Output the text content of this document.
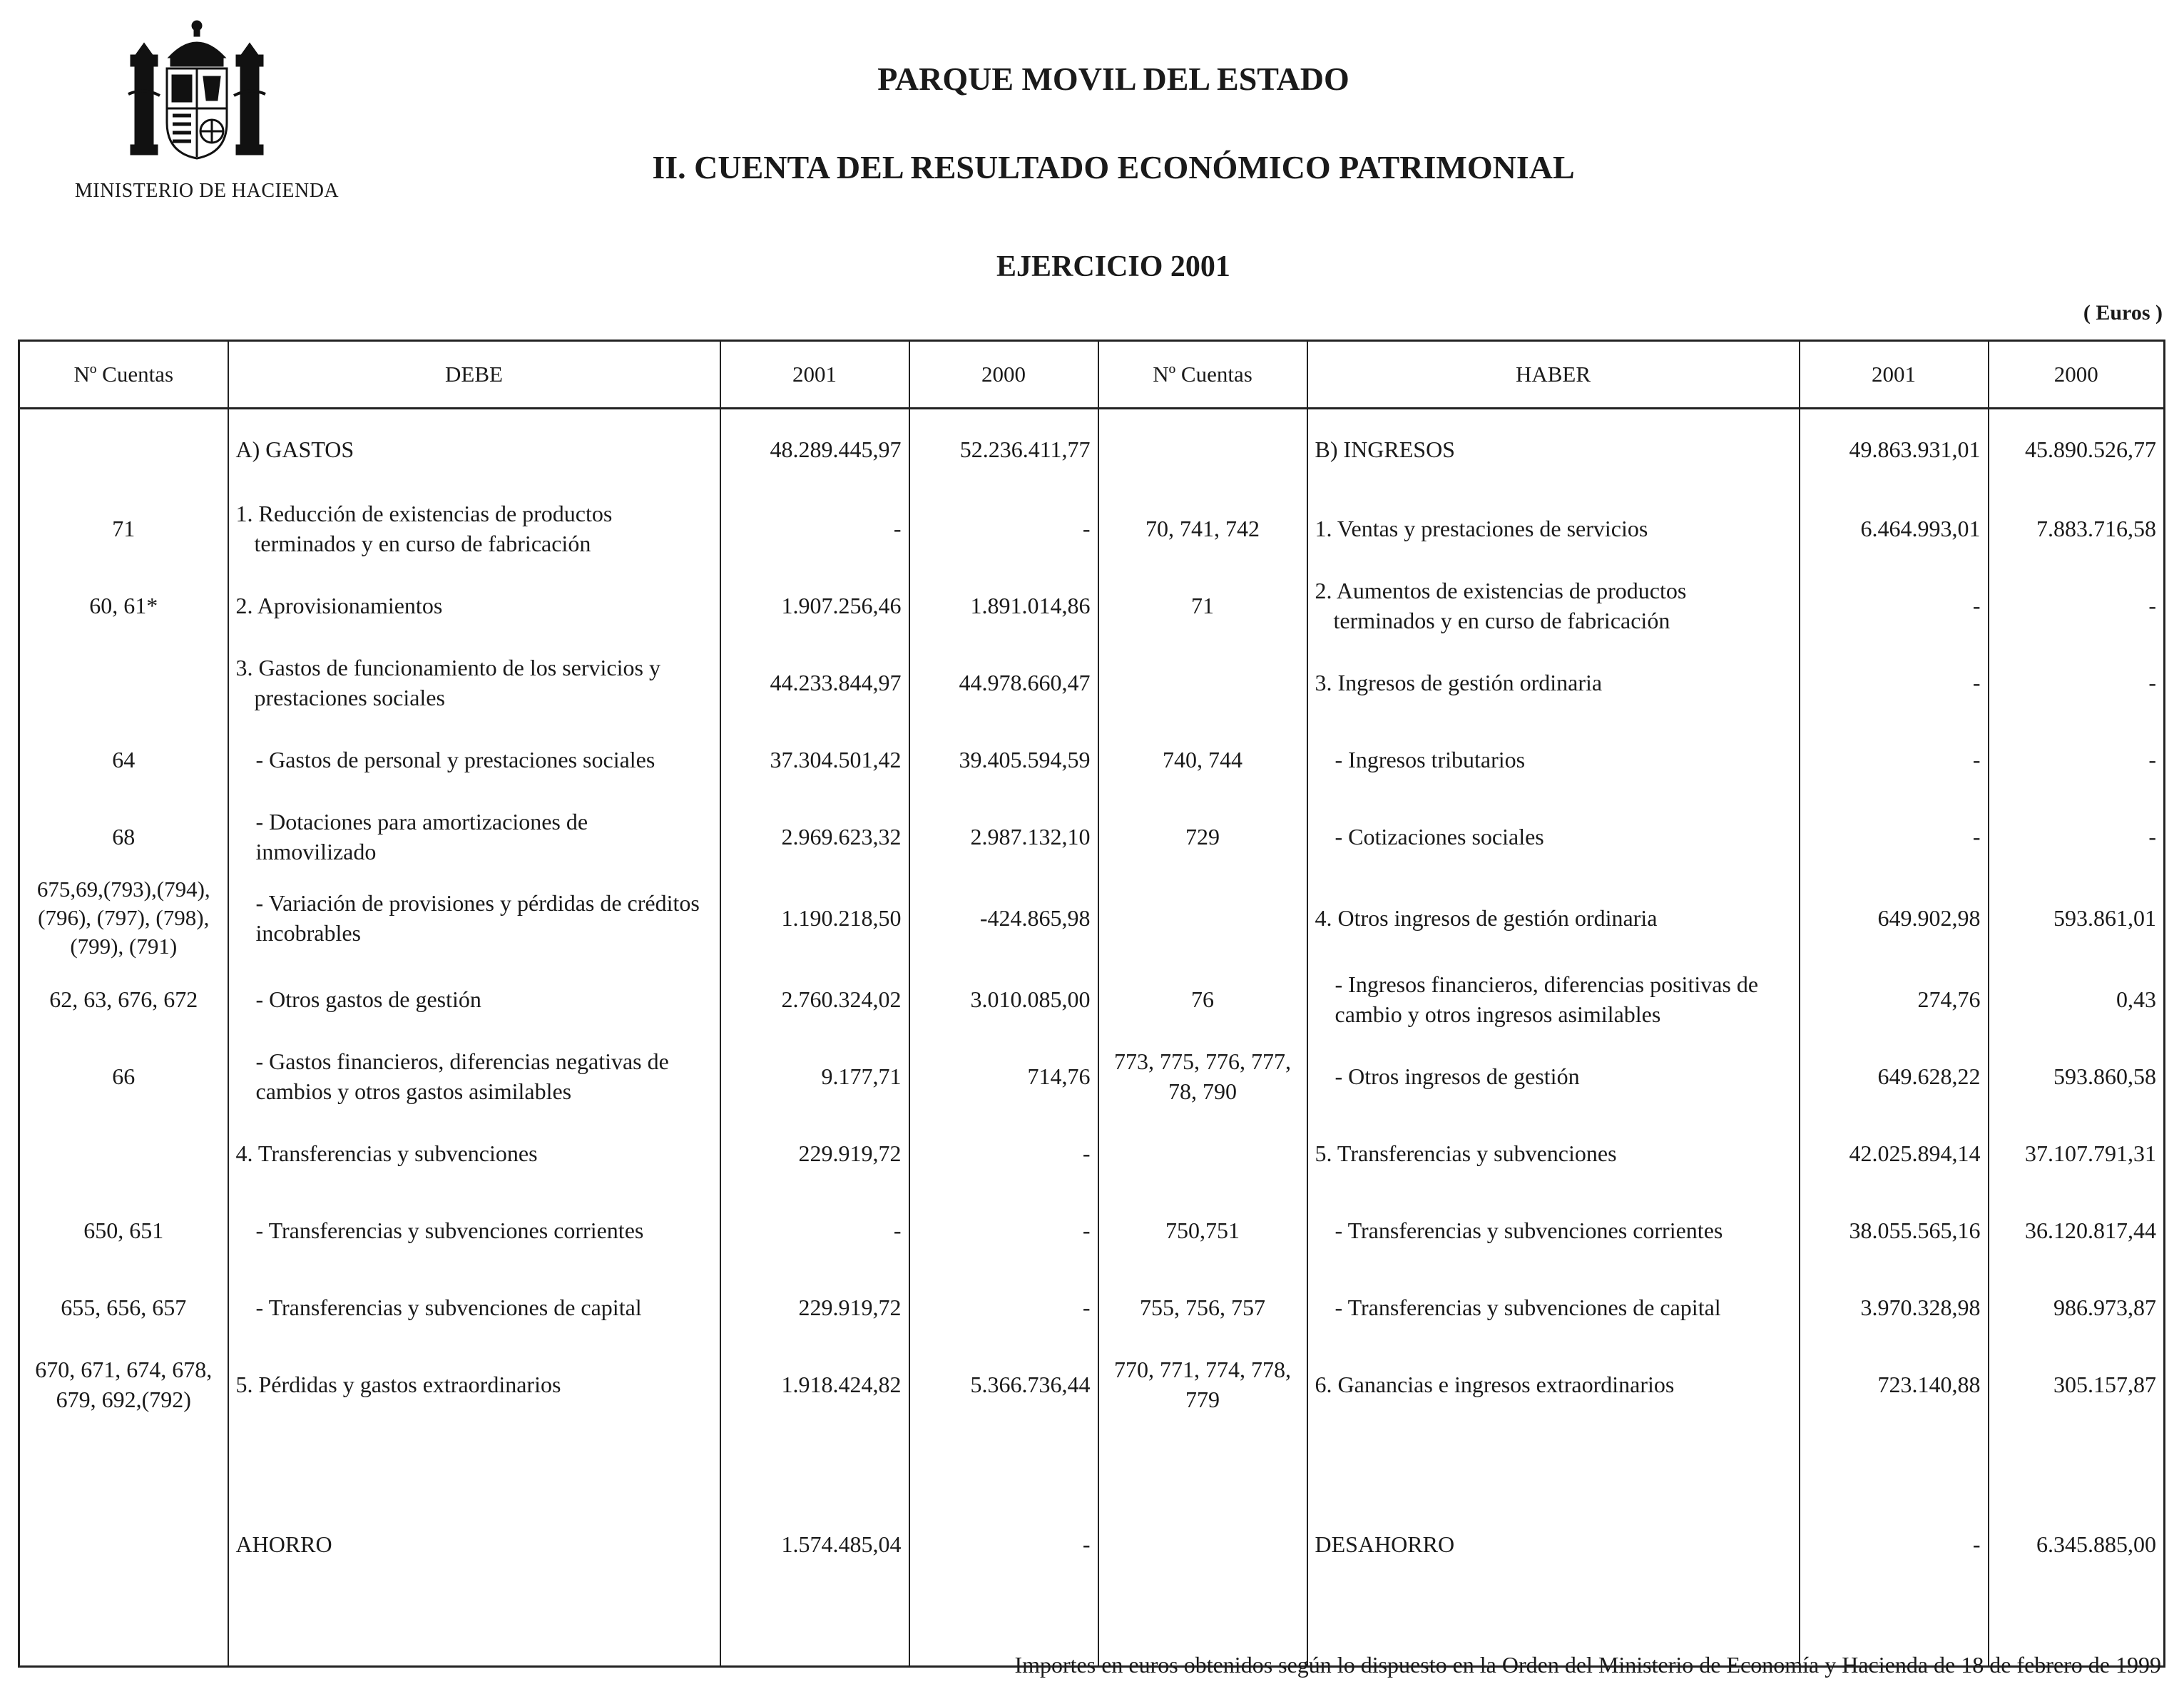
MINISTERIO DE HACIENDA
PARQUE MOVIL DEL ESTADO
II. CUENTA DEL RESULTADO ECONÓMICO PATRIMONIAL
EJERCICIO 2001
( Euros )
Nº Cuentas	DEBE	2001	2000	Nº Cuentas	HABER	2001	2000
	A) GASTOS	48.289.445,97	52.236.411,77		B) INGRESOS	49.863.931,01	45.890.526,77
71	1. Reducción de existencias de productos terminados y en curso de fabricación	-	-	70, 741, 742	1. Ventas y prestaciones de servicios	6.464.993,01	7.883.716,58
60, 61*	2. Aprovisionamientos	1.907.256,46	1.891.014,86	71	2. Aumentos de existencias de productos terminados y en curso de fabricación	-	-
	3. Gastos de funcionamiento de los servicios y prestaciones sociales	44.233.844,97	44.978.660,47		3. Ingresos de gestión ordinaria	-	-
64	- Gastos de personal y prestaciones sociales	37.304.501,42	39.405.594,59	740, 744	- Ingresos tributarios	-	-
68	- Dotaciones para amortizaciones de inmovilizado	2.969.623,32	2.987.132,10	729	- Cotizaciones sociales	-	-
675,69,(793),(794), (796), (797), (798), (799), (791)	- Variación de provisiones y pérdidas de créditos incobrables	1.190.218,50	-424.865,98		4. Otros ingresos de gestión ordinaria	649.902,98	593.861,01
62, 63, 676, 672	- Otros gastos de gestión	2.760.324,02	3.010.085,00	76	- Ingresos financieros, diferencias positivas de cambio y otros ingresos asimilables	274,76	0,43
66	- Gastos financieros, diferencias negativas de cambios y otros gastos asimilables	9.177,71	714,76	773, 775, 776, 777, 78, 790	- Otros ingresos de gestión	649.628,22	593.860,58
	4. Transferencias y subvenciones	229.919,72	-		5. Transferencias y subvenciones	42.025.894,14	37.107.791,31
650, 651	- Transferencias y subvenciones corrientes	-	-	750,751	- Transferencias y subvenciones corrientes	38.055.565,16	36.120.817,44
655, 656, 657	- Transferencias y subvenciones de capital	229.919,72	-	755, 756, 757	- Transferencias y subvenciones de capital	3.970.328,98	986.973,87
670, 671, 674, 678, 679, 692,(792)	5. Pérdidas y gastos extraordinarios	1.918.424,82	5.366.736,44	770, 771, 774, 778, 779	6. Ganancias e ingresos extraordinarios	723.140,88	305.157,87

	AHORRO	1.574.485,04	-		DESAHORRO	-	6.345.885,00

Importes en euros obtenidos según lo dispuesto en la Orden del Ministerio de Economía y Hacienda de 18 de febrero de 1999
